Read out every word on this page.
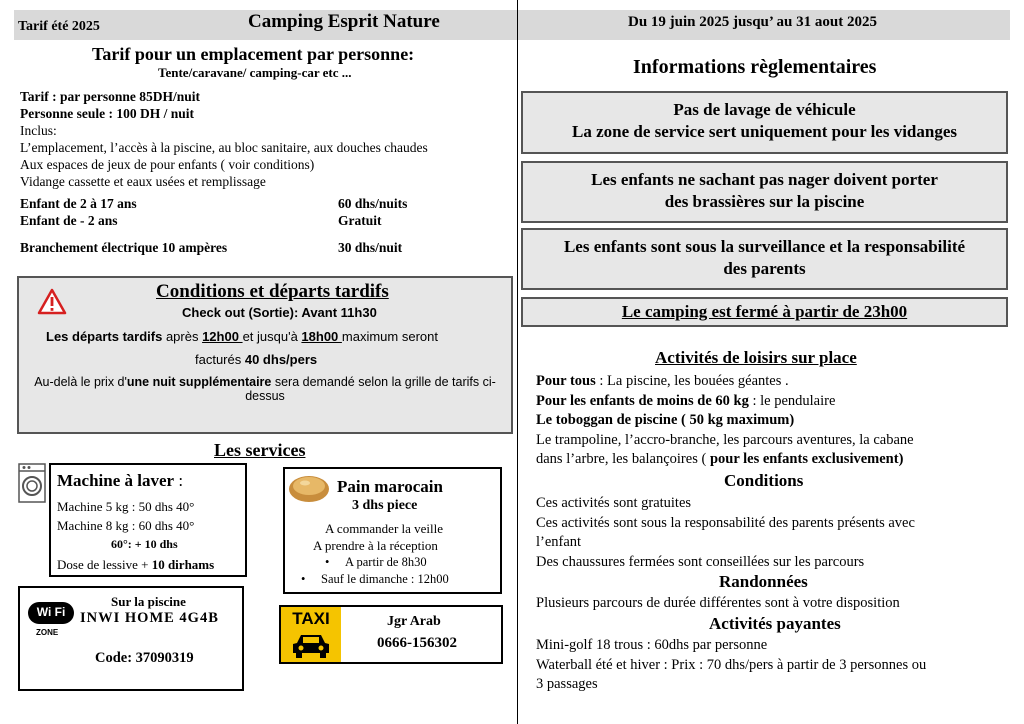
Tarif été 2025	Camping Esprit Nature	Du 19 juin 2025 jusqu’ au 31 aout 2025
Tarif pour un emplacement par personne:
Tente/caravane/ camping-car etc ...
Tarif : par personne 85DH/nuit
Personne seule : 100 DH / nuit
Inclus:
L’emplacement, l’accès à la piscine, au bloc sanitaire, aux douches chaudes
Aux espaces de jeux de pour enfants ( voir conditions)
Vidange cassette et eaux usées et remplissage
Enfant de 2 à 17 ans	60 dhs/nuits
Enfant de - 2 ans	Gratuit
Branchement électrique 10 ampères	30 dhs/nuit
Conditions et départs tardifs
Check out (Sortie): Avant 11h30
Les départs tardifs après 12h00 et jusqu'à 18h00 maximum seront
facturés 40 dhs/pers
Au-delà le prix d'une nuit supplémentaire sera demandé selon la grille de tarifs ci-dessus
Les services
Machine à laver :
Machine 5 kg : 50 dhs 40°
Machine 8 kg : 60 dhs 40°
60°: + 10 dhs
Dose de lessive + 10 dirhams
Pain marocain
3 dhs piece
A commander la veille
A prendre à la réception
•     A partir de 8h30
•     Sauf le dimanche : 12h00
Wi Fi
ZONE
Sur la piscine
INWI HOME 4G4B
Code: 37090319
TAXI	Jgr Arab
0666-156302
Informations règlementaires
Pas de lavage de véhicule
La zone de service sert uniquement pour les vidanges
Les enfants ne sachant pas nager doivent porter
des brassières sur la piscine
Les enfants sont sous la surveillance et la responsabilité
des parents
Le camping est fermé à partir de 23h00
Activités de loisirs sur place
Pour tous : La piscine, les bouées géantes .
Pour les enfants de moins de 60 kg : le pendulaire
Le toboggan de piscine ( 50 kg maximum)
Le trampoline, l’accro-branche, les parcours aventures, la cabane
dans l’arbre, les balançoires ( pour les enfants exclusivement)
Conditions
Ces activités sont gratuites
Ces activités sont sous la responsabilité des parents présents avec
l’enfant
Des chaussures fermées sont conseillées sur les parcours
Randonnées
Plusieurs parcours de durée différentes sont à votre disposition
Activités payantes
Mini-golf 18 trous : 60dhs par personne
Waterball été et hiver : Prix : 70 dhs/pers à partir de 3 personnes ou
3 passages
